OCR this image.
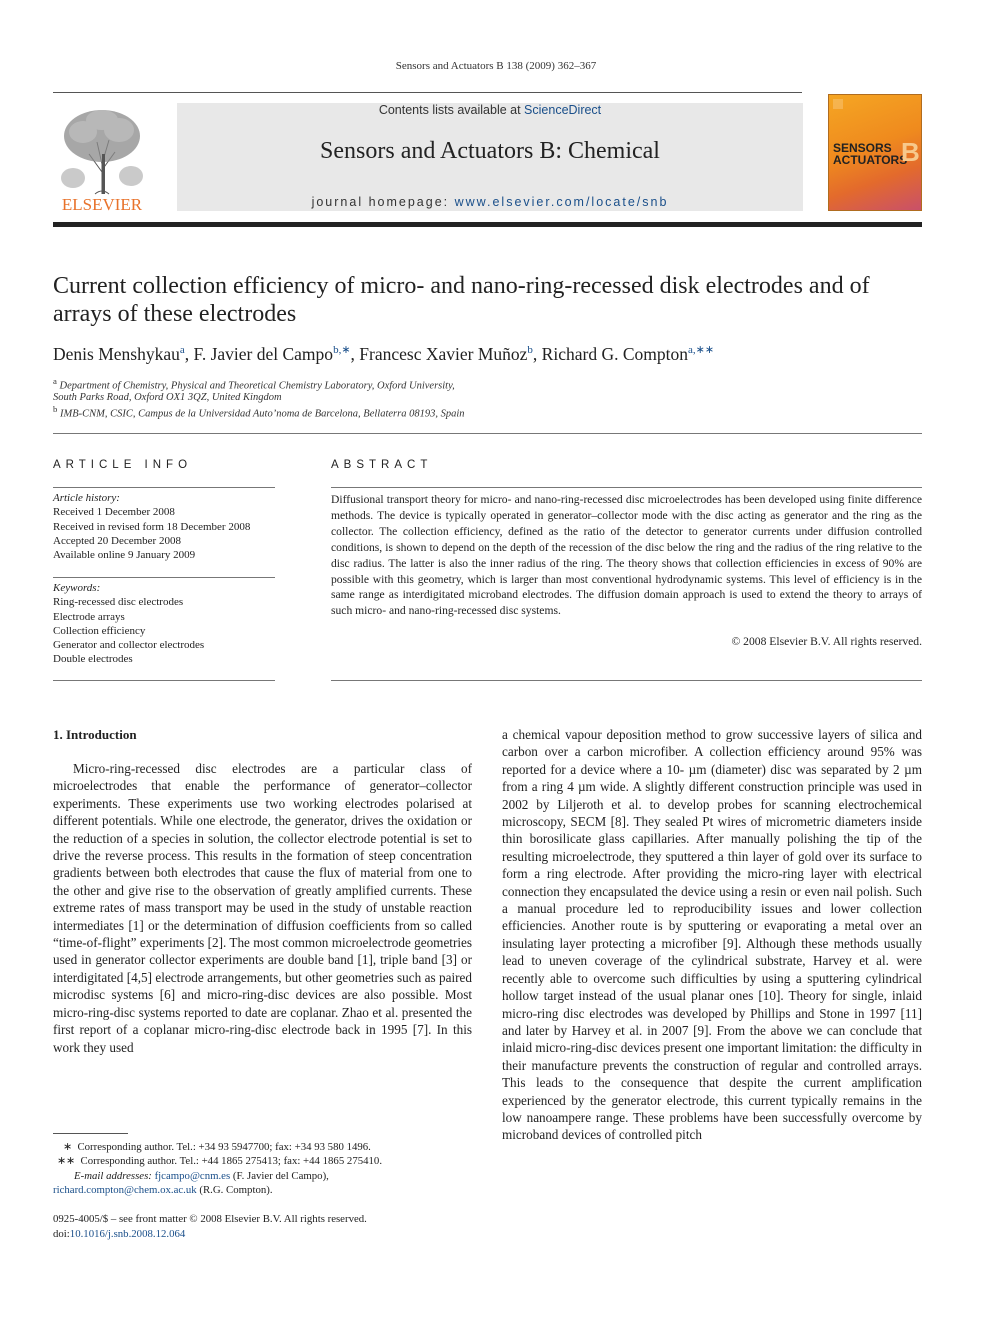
Sensors and Actuators B 138 (2009) 362–367
ELSEVIER
Contents lists available at ScienceDirect
Sensors and Actuators B: Chemical
journal homepage: www.elsevier.com/locate/snb
SENSORS
ACTUATORS
B
Current collection efficiency of micro- and nano-ring-recessed disk electrodes and of arrays of these electrodes
Denis Menshykau$^a$, F. Javier del Campo$^{b,∗}$, Francesc Xavier Muñoz$^b$, Richard G. Compton$^{a,∗∗}$
$^a$ Department of Chemistry, Physical and Theoretical Chemistry Laboratory, Oxford University,
South Parks Road, Oxford OX1 3QZ, United Kingdom
$^b$ IMB-CNM, CSIC, Campus de la Universidad Auto’noma de Barcelona, Bellaterra 08193, Spain
ARTICLE INFO	ABSTRACT
Article history:
Received 1 December 2008
Received in revised form 18 December 2008
Accepted 20 December 2008
Available online 9 January 2009
Keywords:
Ring-recessed disc electrodes
Electrode arrays
Collection efficiency
Generator and collector electrodes
Double electrodes
Diffusional transport theory for micro- and nano-ring-recessed disc microelectrodes has been developed using finite difference methods. The device is typically operated in generator–collector mode with the disc acting as generator and the ring as the collector. The collection efficiency, defined as the ratio of the detector to generator currents under diffusion controlled conditions, is shown to depend on the depth of the recession of the disc below the ring and the radius of the ring relative to the disc radius. The latter is also the inner radius of the ring. The theory shows that collection efficiencies in excess of 90% are possible with this geometry, which is larger than most conventional hydrodynamic systems. This level of efficiency is in the same range as interdigitated microband electrodes. The diffusion domain approach is used to extend the theory to arrays of such micro- and nano-ring-recessed disc systems.
© 2008 Elsevier B.V. All rights reserved.
1. Introduction

Micro-ring-recessed disc electrodes are a particular class of microelectrodes that enable the performance of generator–collector experiments. These experiments use two working electrodes polarised at different potentials. While one electrode, the generator, drives the oxidation or the reduction of a species in solution, the collector electrode potential is set to drive the reverse process. This results in the formation of steep concentration gradients between both electrodes that cause the flux of material from one to the other and give rise to the observation of greatly amplified currents. These extreme rates of mass transport may be used in the study of unstable reaction intermediates [1] or the determination of diffusion coefficients from so called “time-of-flight” experiments [2]. The most common microelectrode geometries used in generator collector experiments are double band [1], triple band [3] or interdigitated [4,5] electrode arrangements, but other geometries such as paired microdisc systems [6] and micro-ring-disc devices are also possible. Most micro-ring-disc systems reported to date are coplanar. Zhao et al. presented the first report of a coplanar micro-ring-disc electrode back in 1995 [7]. In this work they used

a chemical vapour deposition method to grow successive layers of silica and carbon over a carbon microfiber. A collection efficiency around 95% was reported for a device where a 10- µm (diameter) disc was separated by 2 µm from a ring 4 µm wide. A slightly different construction principle was used in 2002 by Liljeroth et al. to develop probes for scanning electrochemical microscopy, SECM [8]. They sealed Pt wires of micrometric diameters inside thin borosilicate glass capillaries. After manually polishing the tip of the resulting microelectrode, they sputtered a thin layer of gold over its surface to form a ring electrode. After providing the micro-ring layer with electrical connection they encapsulated the device using a resin or even nail polish. Such a manual procedure led to reproducibility issues and lower collection efficiencies. Another route is by sputtering or evaporating a metal over an insulating layer protecting a microfiber [9]. Although these methods usually lead to uneven coverage of the cylindrical substrate, Harvey et al. were recently able to overcome such difficulties by using a sputtering cylindrical hollow target instead of the usual planar ones [10]. Theory for single, inlaid micro-ring disc electrodes was developed by Phillips and Stone in 1997 [11] and later by Harvey et al. in 2007 [9]. From the above we can conclude that inlaid micro-ring-disc devices present one important limitation: the difficulty in their manufacture prevents the construction of regular and controlled arrays. This leads to the consequence that despite the current amplification experienced by the generator electrode, this current typically remains in the low nanoampere range. These problems have been successfully overcome by microband devices of controlled pitch

∗ Corresponding author. Tel.: +34 93 5947700; fax: +34 93 580 1496.
∗∗ Corresponding author. Tel.: +44 1865 275413; fax: +44 1865 275410.
E-mail addresses: fjcampo@cnm.es (F. Javier del Campo),
richard.compton@chem.ox.ac.uk (R.G. Compton).
0925-4005/$ – see front matter © 2008 Elsevier B.V. All rights reserved.
doi:10.1016/j.snb.2008.12.064
